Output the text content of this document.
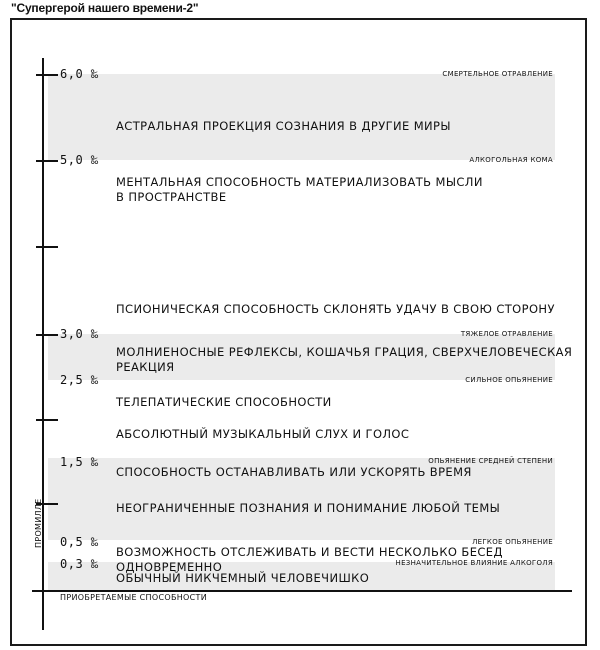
"Супергерой нашего времени-2"
6,0 ‰
5,0 ‰
3,0 ‰
2,5 ‰
1,5 ‰
0,5 ‰
0,3 ‰
СМЕРТЕЛЬНОЕ ОТРАВЛЕНИЕ
АЛКОГОЛЬНАЯ КОМА
ТЯЖЕЛОЕ ОТРАВЛЕНИЕ
СИЛЬНОЕ ОПЬЯНЕНИЕ
ОПЬЯНЕНИЕ СРЕДНЕЙ СТЕПЕНИ
ЛЕГКОЕ ОПЬЯНЕНИЕ
НЕЗНАЧИТЕЛЬНОЕ ВЛИЯНИЕ АЛКОГОЛЯ
АСТРАЛЬНАЯ ПРОЕКЦИЯ СОЗНАНИЯ В ДРУГИЕ МИРЫ
МЕНТАЛЬНАЯ СПОСОБНОСТЬ МАТЕРИАЛИЗОВАТЬ МЫСЛИ
В ПРОСТРАНСТВЕ
ПСИОНИЧЕСКАЯ СПОСОБНОСТЬ СКЛОНЯТЬ УДАЧУ В СВОЮ СТОРОНУ
МОЛНИЕНОСНЫЕ РЕФЛЕКСЫ, КОШАЧЬЯ ГРАЦИЯ, СВЕРХЧЕЛОВЕЧЕСКАЯ
РЕАКЦИЯ
ТЕЛЕПАТИЧЕСКИЕ СПОСОБНОСТИ
АБСОЛЮТНЫЙ МУЗЫКАЛЬНЫЙ СЛУХ И ГОЛОС
СПОСОБНОСТЬ ОСТАНАВЛИВАТЬ ИЛИ УСКОРЯТЬ ВРЕМЯ
НЕОГРАНИЧЕННЫЕ ПОЗНАНИЯ И ПОНИМАНИЕ ЛЮБОЙ ТЕМЫ
ВОЗМОЖНОСТЬ ОТСЛЕЖИВАТЬ И ВЕСТИ НЕСКОЛЬКО БЕСЕД ОДНОВРЕМЕННО
ОБЫЧНЫЙ НИКЧЕМНЫЙ ЧЕЛОВЕЧИШКО
ПРОМИЛЛЕ
ПРИОБРЕТАЕМЫЕ СПОСОБНОСТИ
